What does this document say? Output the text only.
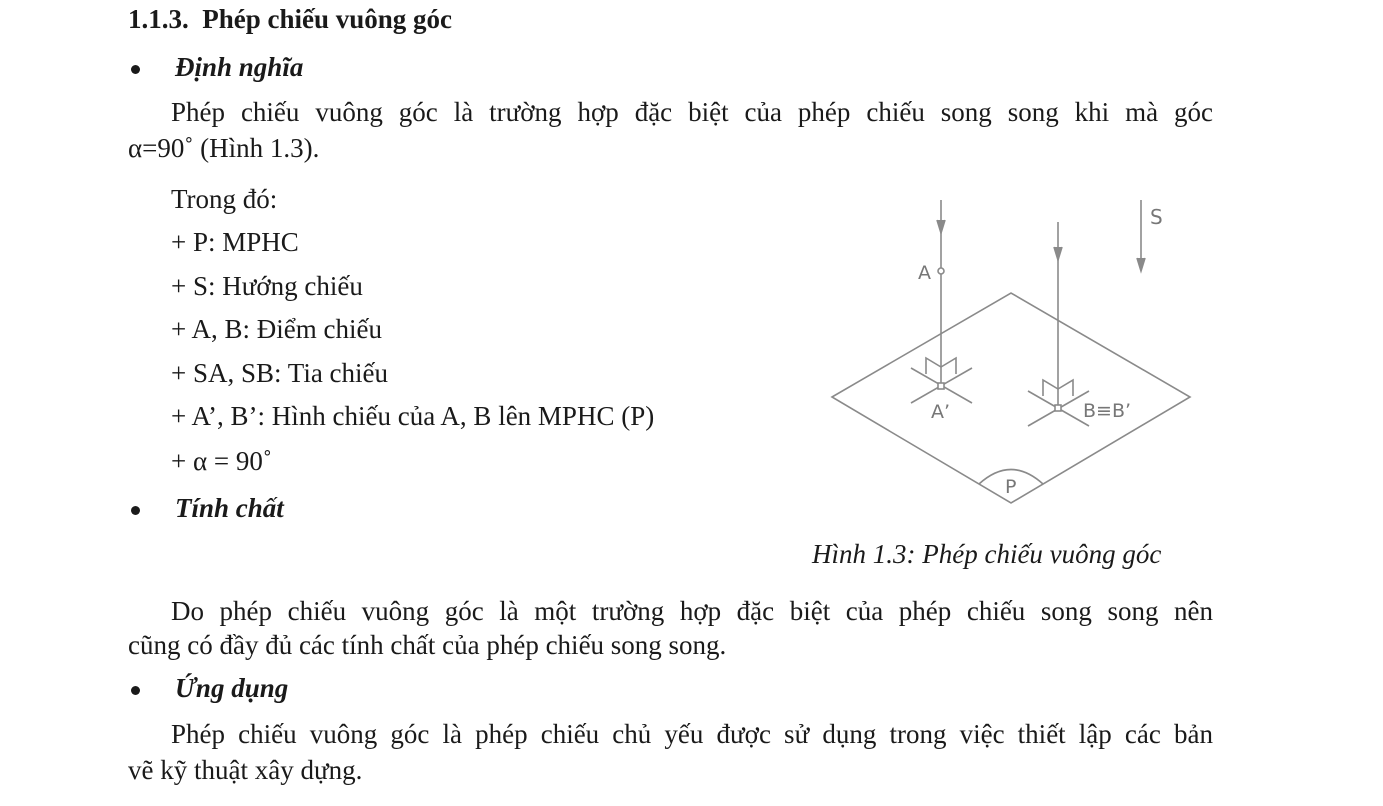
1.1.3. Phép chiếu vuông góc
Định nghĩa
Phép chiếu vuông góc là trường hợp đặc biệt của phép chiếu song song khi mà góc
α=90˚ (Hình 1.3).
Trong đó:
+ P: MPHC
+ S: Hướng chiếu
+ A, B: Điểm chiếu
+ SA, SB: Tia chiếu
+ A’, B’: Hình chiếu của A, B lên MPHC (P)
+ α = 90˚
Tính chất
A
A’	B≡B’
S
P
Hình 1.3: Phép chiếu vuông góc
Do phép chiếu vuông góc là một trường hợp đặc biệt của phép chiếu song song nên
cũng có đầy đủ các tính chất của phép chiếu song song.
Ứng dụng
Phép chiếu vuông góc là phép chiếu chủ yếu được sử dụng trong việc thiết lập các bản
vẽ kỹ thuật xây dựng.
